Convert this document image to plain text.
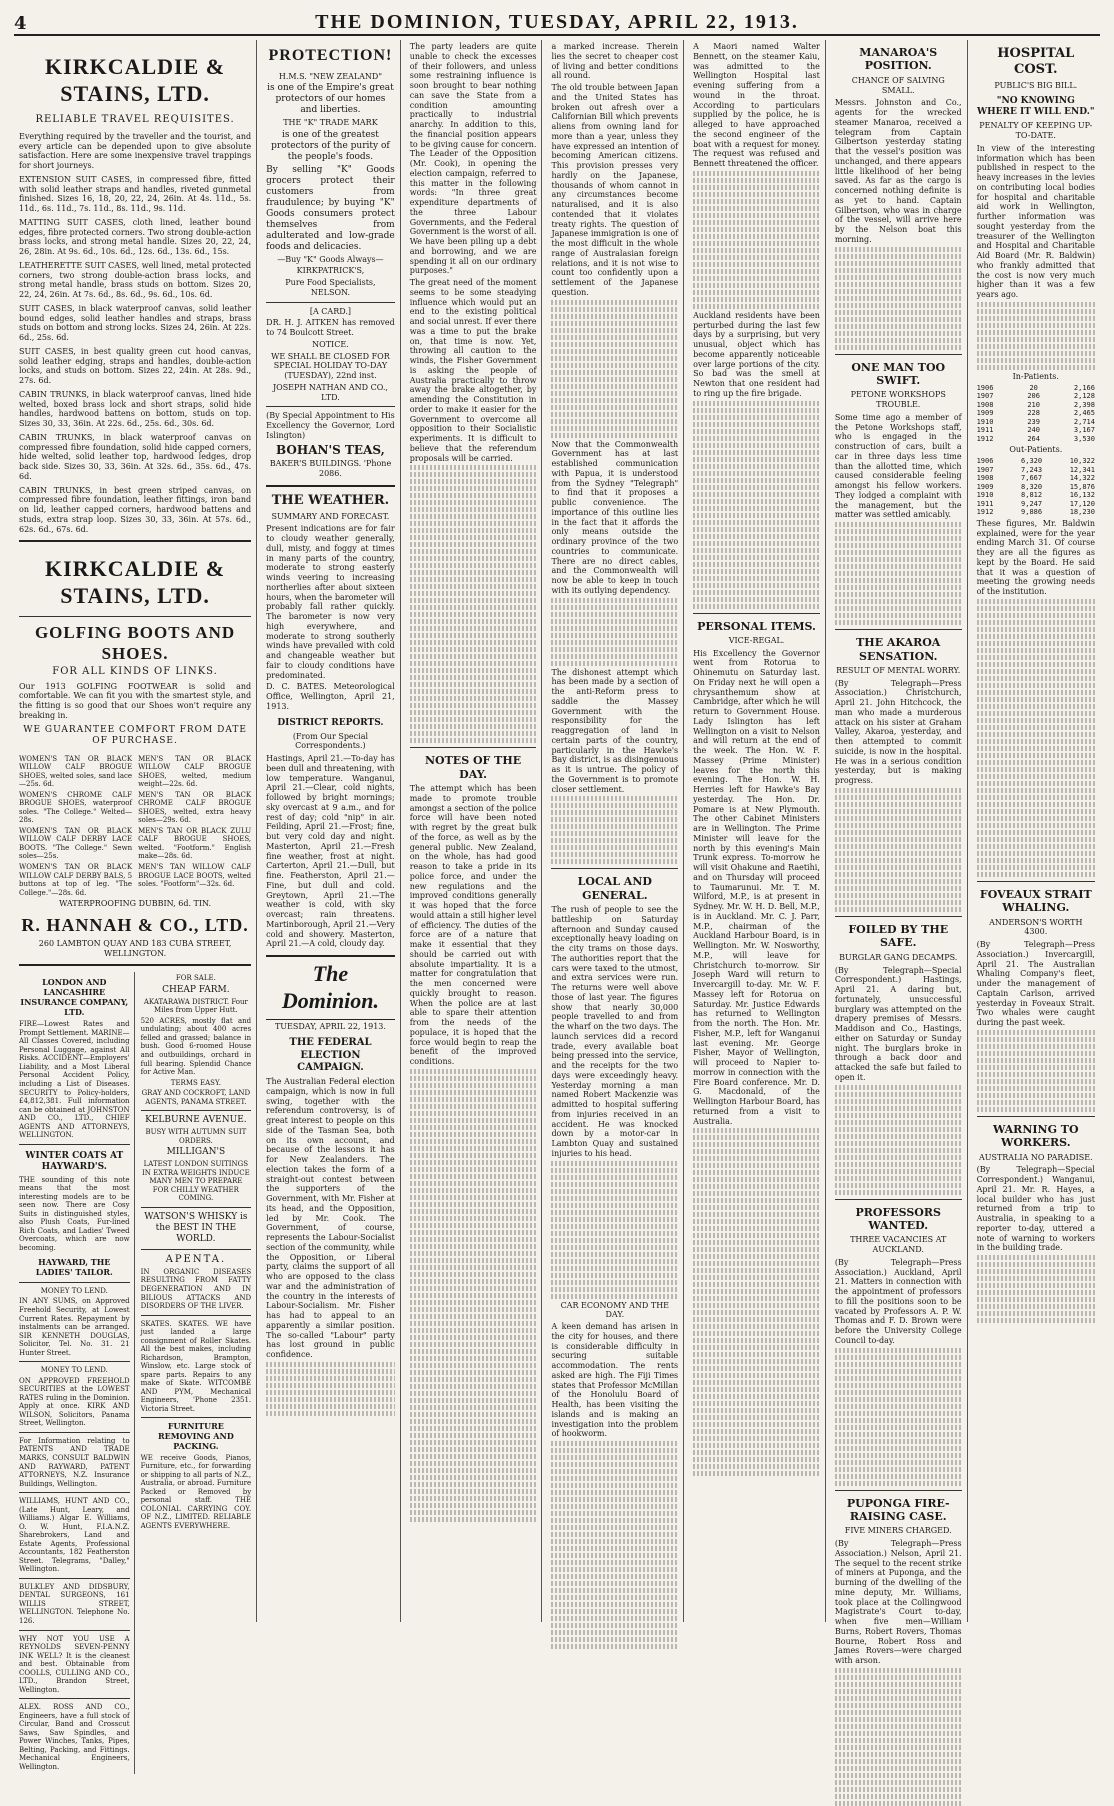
4	THE DOMINION, TUESDAY, APRIL 22, 1913.
KIRKCALDIE & STAINS, LTD.
RELIABLE TRAVEL REQUISITES.

Everything required by the traveller and the tourist, and every article can be depended upon to give absolute satisfaction. Here are some inexpensive travel trappings for short journeys.

EXTENSION SUIT CASES, in compressed fibre, fitted with solid leather straps and handles, riveted gunmetal finished. Sizes 16, 18, 20, 22, 24, 26in. At 4s. 11d., 5s. 11d., 6s. 11d., 7s. 11d., 8s. 11d., 9s. 11d.

MATTING SUIT CASES, cloth lined, leather bound edges, fibre protected corners. Two strong double-action brass locks, and strong metal handle. Sizes 20, 22, 24, 26, 28in. At 9s. 6d., 10s. 6d., 12s. 6d., 13s. 6d., 15s.

LEATHERETTE SUIT CASES, well lined, metal protected corners, two strong double-action brass locks, and strong metal handle, brass studs on bottom. Sizes 20, 22, 24, 26in. At 7s. 6d., 8s. 6d., 9s. 6d., 10s. 6d.

SUIT CASES, in black waterproof canvas, solid leather bound edges, solid leather handles and straps, brass studs on bottom and strong locks. Sizes 24, 26in. At 22s. 6d., 25s. 6d.

SUIT CASES, in best quality green cut hood canvas, solid leather edging, straps and handles, double-action locks, and studs on bottom. Sizes 22, 24in. At 28s. 9d., 27s. 6d.

CABIN TRUNKS, in black waterproof canvas, lined hide welted, boxed brass lock and short straps, solid hide handles, hardwood battens on bottom, studs on top. Sizes 30, 33, 36in. At 22s. 6d., 25s. 6d., 30s. 6d.

CABIN TRUNKS, in black waterproof canvas on compressed fibre foundation, solid hide capped corners, hide welted, solid leather top, hardwood ledges, drop back side. Sizes 30, 33, 36in. At 32s. 6d., 35s. 6d., 47s. 6d.

CABIN TRUNKS, in best green striped canvas, on compressed fibre foundation, leather fittings, iron band on lid, leather capped corners, hardwood battens and studs, extra strap loop. Sizes 30, 33, 36in. At 57s. 6d., 62s. 6d., 67s. 6d.

KIRKCALDIE & STAINS, LTD.
GOLFING BOOTS AND SHOES.
FOR ALL KINDS OF LINKS.

Our 1913 GOLFING FOOTWEAR is solid and comfortable. We can fit you with the smartest style, and the fitting is so good that our Shoes won't require any breaking in.

WE GUARANTEE COMFORT FROM DATE OF PURCHASE.

WOMEN'S TAN OR BLACK WILLOW CALF BROGUE SHOES, welted soles, sand lace—25s. 6d.

WOMEN'S CHROME CALF BROGUE SHOES, waterproof soles. "The College." Welted—28s.

WOMEN'S TAN OR BLACK WILLOW CALF DERBY LACE BOOTS. "The College." Sewn soles—25s.

WOMEN'S TAN OR BLACK WILLOW CALF DERBY BALS, 5 buttons at top of leg. "The College."—28s. 6d.

MEN'S TAN OR BLACK WILLOW CALF BROGUE SHOES, welted, medium weight—22s. 6d.

MEN'S TAN OR BLACK CHROME CALF BROGUE SHOES, welted, extra heavy soles—29s. 6d.

MEN'S TAN OR BLACK ZULU CALF BROGUE SHOES, welted. "Footform." English make—28s. 6d.

MEN'S TAN WILLOW CALF BROGUE LACE BOOTS, welted soles. "Footform"—32s. 6d.

WATERPROOFING DUBBIN, 6d. TIN.
R. HANNAH & CO., LTD.
260 LAMBTON QUAY AND 183 CUBA STREET,
WELLINGTON.

LONDON AND LANCASHIRE INSURANCE COMPANY, LTD.

FIRE—Lowest Rates and Prompt Settlement. MARINE—All Classes Covered, including Personal Luggage, against All Risks. ACCIDENT—Employers' Liability, and a Most Liberal Personal Accident Policy, including a List of Diseases. SECURITY to Policy-holders, £4,812,381. Full information can be obtained at JOHNSTON AND CO., LTD., CHIEF AGENTS AND ATTORNEYS, WELLINGTON.

WINTER COATS AT HAYWARD'S.

THE sounding of this note means that the most interesting models are to be seen now. There are Cosy Suits in distinguished styles, also Plush Coats, Fur-lined Rich Coats, and Ladies' Tweed Overcoats, which are now becoming.

HAYWARD, THE LADIES' TAILOR.

MONEY TO LEND.

IN ANY SUMS, on Approved Freehold Security, at Lowest Current Rates. Repayment by instalments can be arranged. SIR KENNETH DOUGLAS, Solicitor, Tel. No. 31. 21 Hunter Street.

MONEY TO LEND.

ON APPROVED FREEHOLD SECURITIES at the LOWEST RATES ruling in the Dominion. Apply at once. KIRK AND WILSON, Solicitors, Panama Street, Wellington.

For Information relating to PATENTS AND TRADE MARKS, CONSULT BALDWIN AND RAYWARD, PATENT ATTORNEYS, N.Z. Insurance Buildings, Wellington.

WILLIAMS, HUNT AND CO., (Late Hunt, Leary, and Williams.) Algar E. Williams, O. W. Hunt, F.I.A.N.Z. Sharebrokers, Land and Estate Agents, Professional Accountants, 182 Featherston Street. Telegrams, "Dalley," Wellington.

BULKLEY AND DIDSBURY, DENTAL SURGEONS, 161 WILLIS STREET, WELLINGTON. Telephone No. 126.

WHY NOT YOU USE A REYNOLDS SEVEN-PENNY INK WELL? It is the cleanest and best. Obtainable from COOLLS, CULLING AND CO., LTD., Brandon Street, Wellington.

ALEX. ROSS AND CO., Engineers, have a full stock of Circular, Band and Crosscut Saws, Saw Spindles, and Power Winches, Tanks, Pipes, Belting, Packing, and Fittings. Mechanical Engineers, Wellington.

FOR SALE.

CHEAP FARM.

AKATARAWA DISTRICT. Four Miles from Upper Hutt.

520 ACRES, mostly flat and undulating; about 400 acres felled and grassed; balance in bush. Good 6-roomed House and outbuildings, orchard in full bearing. Splendid Chance for Active Man.

TERMS EASY.

GRAY AND COCKROFT, LAND AGENTS, PANAMA STREET.

KELBURNE AVENUE.

BUSY WITH AUTUMN SUIT ORDERS.

MILLIGAN'S

LATEST LONDON SUITINGS IN EXTRA WEIGHTS INDUCE MANY MEN TO PREPARE FOR CHILLY WEATHER COMING.

WATSON'S WHISKY is the BEST IN THE WORLD.

APENTA.

IN ORGANIC DISEASES RESULTING FROM FATTY DEGENERATION AND IN BILIOUS ATTACKS AND DISORDERS OF THE LIVER.

SKATES. SKATES. WE have just landed a large consignment of Roller Skates. All the best makes, including Richardson, Brampton, Winslow, etc. Large stock of spare parts. Repairs to any make of Skate. WITCOMBE AND PYM, Mechanical Engineers, 'Phone 2351. Victoria Street.

FURNITURE REMOVING AND PACKING.

WE receive Goods, Pianos, Furniture, etc., for forwarding or shipping to all parts of N.Z., Australia, or abroad. Furniture Packed or Removed by personal staff. THE COLONIAL CARRYING COY. OF N.Z., LIMITED. RELIABLE AGENTS EVERYWHERE.

PROTECTION!

H.M.S. "NEW ZEALAND"

is one of the Empire's great protectors of our homes and liberties.

THE "K" TRADE MARK

is one of the greatest protectors of the purity of the people's foods.

By selling "K" Goods grocers protect their customers from fraudulence; by buying "K" Goods consumers protect themselves from adulterated and low-grade foods and delicacies.

—Buy "K" Goods Always—

KIRKPATRICK'S,

Pure Food Specialists, NELSON.

[A CARD.]

DR. H. J. AITKEN has removed to 74 Boulcott Street.

NOTICE.

WE SHALL BE CLOSED FOR SPECIAL HOLIDAY TO-DAY (TUESDAY), 22nd inst.

JOSEPH NATHAN AND CO., LTD.

(By Special Appointment to His Excellency the Governor, Lord Islington)

BOHAN'S TEAS,

BAKER'S BUILDINGS. 'Phone 2086.

THE WEATHER.

SUMMARY AND FORECAST.

Present indications are for fair to cloudy weather generally, dull, misty, and foggy at times in many parts of the country, moderate to strong easterly winds veering to increasing northerlies after about sixteen hours, when the barometer will probably fall rather quickly. The barometer is now very high everywhere, and moderate to strong southerly winds have prevailed with cold and changeable weather but fair to cloudy conditions have predominated.

D. C. BATES. Meteorological Office, Wellington, April 21, 1913.

DISTRICT REPORTS.

(From Our Special Correspondents.)

Hastings, April 21.—To-day has been dull and threatening, with low temperature. Wanganui, April 21.—Clear, cold nights, followed by bright mornings; sky overcast at 9 a.m., and for rest of day; cold "nip" in air. Feilding, April 21.—Frost; fine, but very cold day and night. Masterton, April 21.—Fresh fine weather, frost at night. Carterton, April 21.—Dull, but fine. Featherston, April 21.—Fine, but dull and cold. Greytown, April 21.—The weather is cold, with sky overcast; rain threatens. Martinborough, April 21.—Very cold and showery. Masterton, April 21.—A cold, cloudy day.

The Dominion.

TUESDAY, APRIL 22, 1913.

THE FEDERAL ELECTION CAMPAIGN.

The Australian Federal election campaign, which is now in full swing, together with the referendum controversy, is of great interest to people on this side of the Tasman Sea, both on its own account, and because of the lessons it has for New Zealanders. The election takes the form of a straight-out contest between the supporters of the Government, with Mr. Fisher at its head, and the Opposition, led by Mr. Cook. The Government, of course, represents the Labour-Socialist section of the community, while the Opposition, or Liberal party, claims the support of all who are opposed to the class war and the administration of the country in the interests of Labour-Socialism. Mr. Fisher has had to appeal to an apparently a similar position. The so-called "Labour" party has lost ground in public confidence.

The party leaders are quite unable to check the excesses of their followers, and unless some restraining influence is soon brought to bear nothing can save the State from a condition amounting practically to industrial anarchy. In addition to this, the financial position appears to be giving cause for concern. The Leader of the Opposition (Mr. Cook), in opening the election campaign, referred to this matter in the following words: "In three great expenditure departments of the three Labour Governments, and the Federal Government is the worst of all. We have been piling up a debt and borrowing, and we are spending it all on our ordinary purposes."

The great need of the moment seems to be some steadying influence which would put an end to the existing political and social unrest. If ever there was a time to put the brake on, that time is now. Yet, throwing all caution to the winds, the Fisher Government is asking the people of Australia practically to throw away the brake altogether, by amending the Constitution in order to make it easier for the Government to overcome all opposition to their Socialistic experiments. It is difficult to believe that the referendum proposals will be carried.

NOTES OF THE DAY.

The attempt which has been made to promote trouble amongst a section of the police force will have been noted with regret by the great bulk of the force, as well as by the general public. New Zealand, on the whole, has had good reason to take a pride in its police force, and under the new regulations and the improved conditions generally it was hoped that the force would attain a still higher level of efficiency. The duties of the force are of a nature that make it essential that they should be carried out with absolute impartiality. It is a matter for congratulation that the men concerned were quickly brought to reason. When the police are at last able to spare their attention from the needs of the populace, it is hoped that the force would begin to reap the benefit of the improved conditions.

a marked increase. Therein lies the secret to cheaper cost of living and better conditions all round.

The old trouble between Japan and the United States has broken out afresh over a Californian Bill which prevents aliens from owning land for more than a year, unless they have expressed an intention of becoming American citizens. This provision presses very hardly on the Japanese, thousands of whom cannot in any circumstances become naturalised, and it is also contended that it violates treaty rights. The question of Japanese immigration is one of the most difficult in the whole range of Australasian foreign relations, and it is not wise to count too confidently upon a settlement of the Japanese question.

Now that the Commonwealth Government has at last established communication with Papua, it is understood from the Sydney "Telegraph" to find that it proposes a public convenience. The importance of this outline lies in the fact that it affords the only means outside the ordinary province of the two countries to communicate. There are no direct cables, and the Commonwealth will now be able to keep in touch with its outlying dependency.

The dishonest attempt which has been made by a section of the anti-Reform press to saddle the Massey Government with the responsibility for the reaggregation of land in certain parts of the country, particularly in the Hawke's Bay district, is as disingenuous as it is untrue. The policy of the Government is to promote closer settlement.

LOCAL AND GENERAL.

The rush of people to see the battleship on Saturday afternoon and Sunday caused exceptionally heavy loading on the city trams on those days. The authorities report that the cars were taxed to the utmost, and extra services were run. The returns were well above those of last year. The figures show that nearly 30,000 people travelled to and from the wharf on the two days. The launch services did a record trade, every available boat being pressed into the service, and the receipts for the two days were exceedingly heavy. Yesterday morning a man named Robert Mackenzie was admitted to hospital suffering from injuries received in an accident. He was knocked down by a motor-car in Lambton Quay and sustained injuries to his head.

CAR ECONOMY AND THE DAY.

A keen demand has arisen in the city for houses, and there is considerable difficulty in securing suitable accommodation. The rents asked are high. The Fiji Times states that Professor McMillan of the Honolulu Board of Health, has been visiting the islands and is making an investigation into the problem of hookworm.

A Maori named Walter Bennett, on the steamer Kaiu, was admitted to the Wellington Hospital last evening suffering from a wound in the throat. According to particulars supplied by the police, he is alleged to have approached the second engineer of the boat with a request for money. The request was refused and Bennett threatened the officer.

Auckland residents have been perturbed during the last few days by a surprising, but very unusual, object which has become apparently noticeable over large portions of the city. So bad was the smell at Newton that one resident had to ring up the fire brigade.

PERSONAL ITEMS.

VICE-REGAL.

His Excellency the Governor went from Rotorua to Ohinemutu on Saturday last. On Friday next he will open a chrysanthemum show at Cambridge, after which he will return to Government House. Lady Islington has left Wellington on a visit to Nelson and will return at the end of the week. The Hon. W. F. Massey (Prime Minister) leaves for the north this evening. The Hon. W. H. Herries left for Hawke's Bay yesterday. The Hon. Dr. Pomare is at New Plymouth. The other Cabinet Ministers are in Wellington. The Prime Minister will leave for the north by this evening's Main Trunk express. To-morrow he will visit Ohakune and Raetihi, and on Thursday will proceed to Taumarunui. Mr. T. M. Wilford, M.P., is at present in Sydney. Mr. W. H. D. Bell, M.P., is in Auckland. Mr. C. J. Parr, M.P., chairman of the Auckland Harbour Board, is in Wellington. Mr. W. Nosworthy, M.P., will leave for Christchurch to-morrow. Sir Joseph Ward will return to Invercargill to-day. Mr. W. F. Massey left for Rotorua on Saturday. Mr. Justice Edwards has returned to Wellington from the north. The Hon. Mr. Fisher, M.P., left for Wanganui last evening. Mr. George Fisher, Mayor of Wellington, will proceed to Napier to-morrow in connection with the Fire Board conference. Mr. D. G. Macdonald, of the Wellington Harbour Board, has returned from a visit to Australia.

MANAROA'S POSITION.

CHANCE OF SALVING SMALL.

Messrs. Johnston and Co., agents for the wrecked steamer Manaroa, received a telegram from Captain Gilbertson yesterday stating that the vessel's position was unchanged, and there appears little likelihood of her being saved. As far as the cargo is concerned nothing definite is as yet to hand. Captain Gilbertson, who was in charge of the vessel, will arrive here by the Nelson boat this morning.

ONE MAN TOO SWIFT.

PETONE WORKSHOPS TROUBLE.

Some time ago a member of the Petone Workshops staff, who is engaged in the construction of cars, built a car in three days less time than the allotted time, which caused considerable feeling amongst his fellow workers. They lodged a complaint with the management, but the matter was settled amicably.

THE AKAROA SENSATION.

RESULT OF MENTAL WORRY.

(By Telegraph—Press Association.) Christchurch, April 21. John Hitchcock, the man who made a murderous attack on his sister at Graham Valley, Akaroa, yesterday, and then attempted to commit suicide, is now in the hospital. He was in a serious condition yesterday, but is making progress.

FOILED BY THE SAFE.

BURGLAR GANG DECAMPS.

(By Telegraph—Special Correspondent.) Hastings, April 21. A daring but, fortunately, unsuccessful burglary was attempted on the drapery premises of Messrs. Maddison and Co., Hastings, either on Saturday or Sunday night. The burglars broke in through a back door and attacked the safe but failed to open it.

PROFESSORS WANTED.

THREE VACANCIES AT AUCKLAND.

(By Telegraph—Press Association.) Auckland, April 21. Matters in connection with the appointment of professors to fill the positions soon to be vacated by Professors A. P. W. Thomas and F. D. Brown were before the University College Council to-day.

PUPONGA FIRE-RAISING CASE.

FIVE MINERS CHARGED.

(By Telegraph—Press Association.) Nelson, April 21. The sequel to the recent strike of miners at Puponga, and the burning of the dwelling of the mine deputy, Mr. Williams, took place at the Collingwood Magistrate's Court to-day, when five men—William Burns, Robert Rovers, Thomas Bourne, Robert Ross and James Rovers—were charged with arson.

HOSPITAL COST.

PUBLIC'S BIG BILL.

"NO KNOWING WHERE IT WILL END."

PENALTY OF KEEPING UP-TO-DATE.

In view of the interesting information which has been published in respect to the heavy increases in the levies on contributing local bodies for hospital and charitable aid work in Wellington, further information was sought yesterday from the treasurer of the Wellington and Hospital and Charitable Aid Board (Mr. R. Baldwin) who frankly admitted that the cost is now very much higher than it was a few years ago.

In-Patients.

1906	20	2,166
1907	206	2,128
1908	210	2,398
1909	228	2,465
1910	239	2,714
1911	240	3,167
1912	264	3,530

Out-Patients.

1906	6,320	10,322
1907	7,243	12,341
1908	7,667	14,322
1909	8,320	15,876
1910	8,812	16,132
1911	9,247	17,120
1912	9,886	18,230

These figures, Mr. Baldwin explained, were for the year ending March 31. Of course they are all the figures as kept by the Board. He said that it was a question of meeting the growing needs of the institution.

FOVEAUX STRAIT WHALING.

ANDERSON'S WORTH 4300.

(By Telegraph—Press Association.) Invercargill, April 21. The Australian Whaling Company's fleet, under the management of Captain Carlson, arrived yesterday in Foveaux Strait. Two whales were caught during the past week.

WARNING TO WORKERS.

AUSTRALIA NO PARADISE.

(By Telegraph—Special Correspondent.) Wanganui, April 21. Mr. R. Hayes, a local builder who has just returned from a trip to Australia, in speaking to a reporter to-day, uttered a note of warning to workers in the building trade.
